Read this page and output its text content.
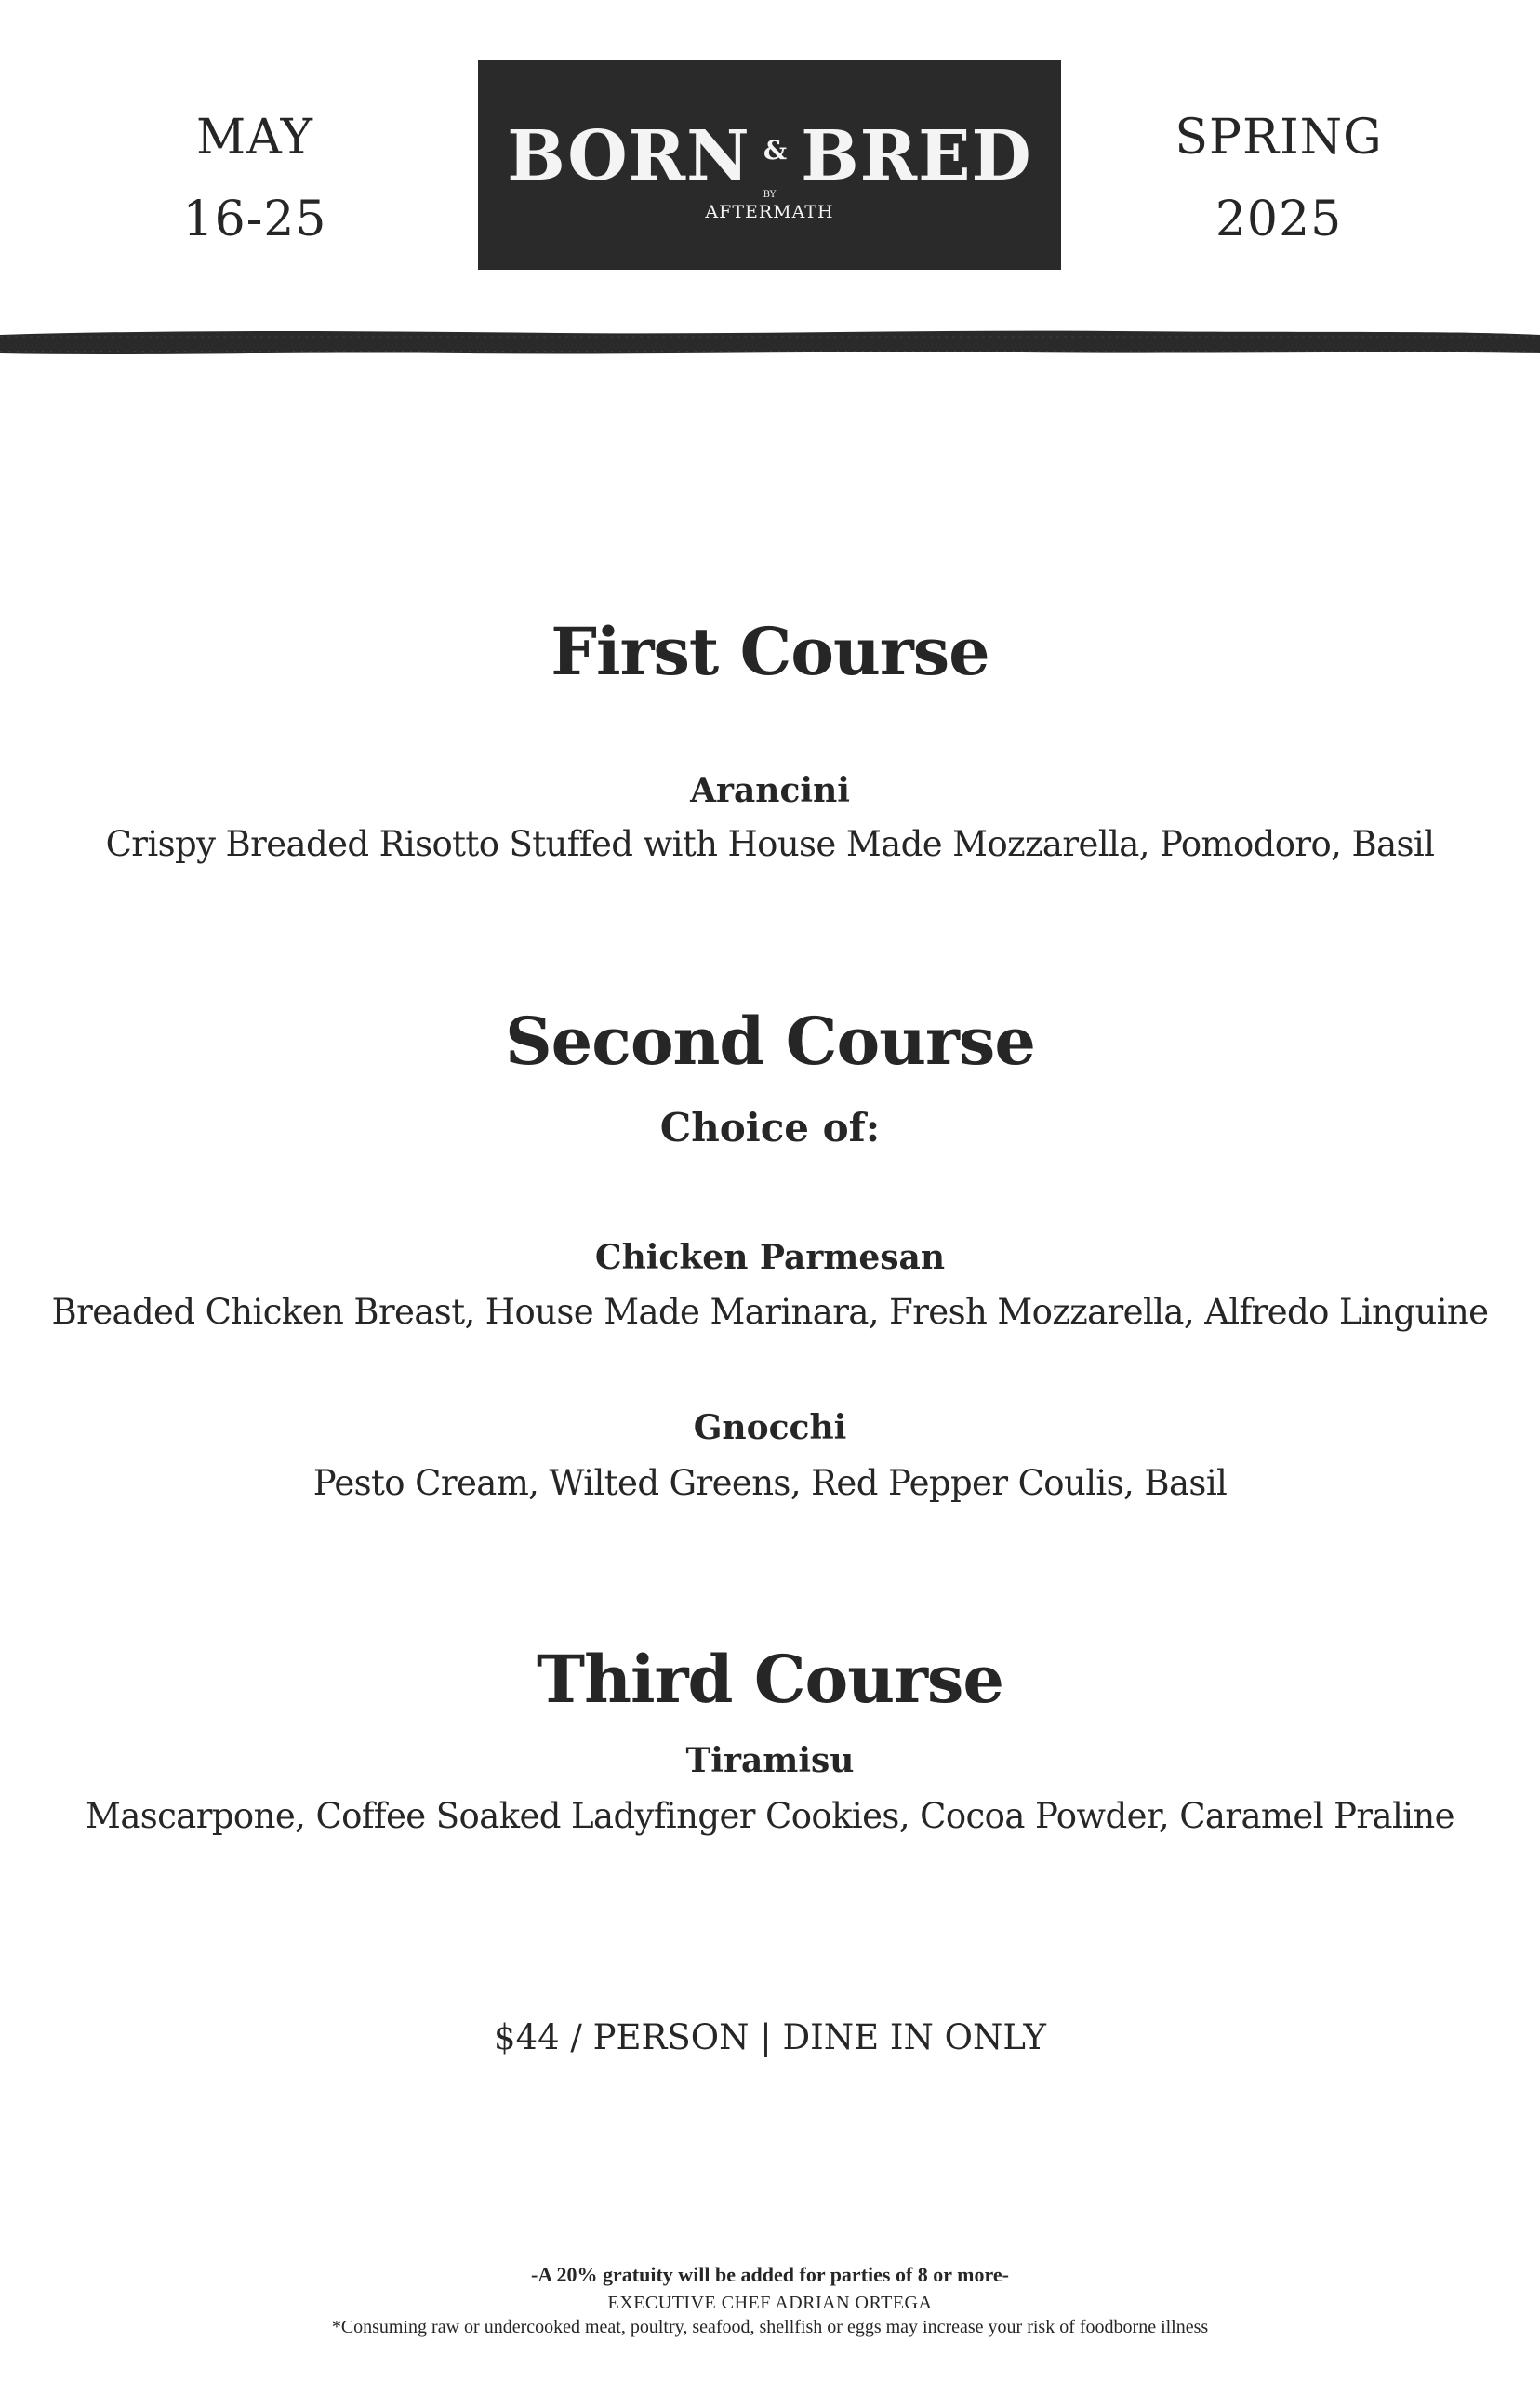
MAY
16-25
BORN & BRED
BY
AFTERMATH
SPRING
2025
First Course
Arancini
Crispy Breaded Risotto Stuffed with House Made Mozzarella, Pomodoro, Basil
Second Course
Choice of:
Chicken Parmesan
Breaded Chicken Breast, House Made Marinara, Fresh Mozzarella, Alfredo Linguine
Gnocchi
Pesto Cream, Wilted Greens, Red Pepper Coulis, Basil
Third Course
Tiramisu
Mascarpone, Coffee Soaked Ladyfinger Cookies, Cocoa Powder, Caramel Praline
$44 / PERSON | DINE IN ONLY
-A 20% gratuity will be added for parties of 8 or more-
EXECUTIVE CHEF ADRIAN ORTEGA
*Consuming raw or undercooked meat, poultry, seafood, shellfish or eggs may increase your risk of foodborne illness
